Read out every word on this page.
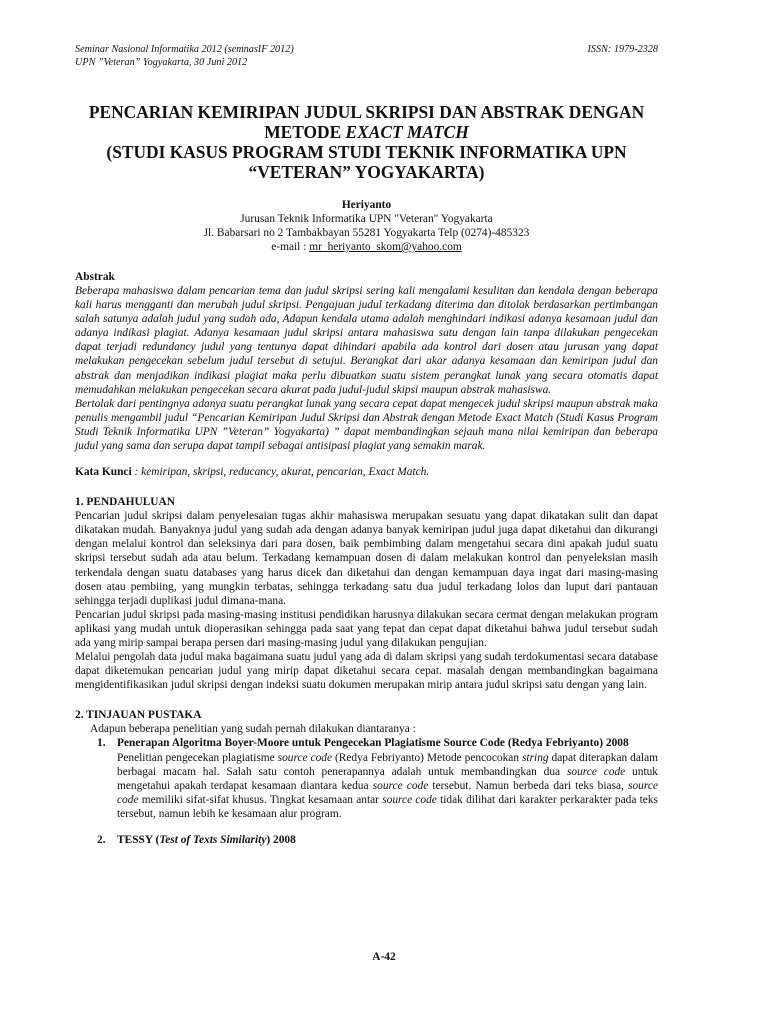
Seminar Nasional Informatika 2012 (semnasIF 2012)
UPN ”Veteran” Yogyakarta, 30 Juni 2012
ISSN: 1979-2328
PENCARIAN KEMIRIPAN JUDUL SKRIPSI DAN ABSTRAK DENGAN
METODE EXACT MATCH
(STUDI KASUS PROGRAM STUDI TEKNIK INFORMATIKA UPN
“VETERAN” YOGYAKARTA)
Heriyanto
Jurusan Teknik Informatika UPN "Veteran" Yogyakarta
Jl. Babarsari no 2 Tambakbayan 55281 Yogyakarta Telp (0274)-485323
e-mail : mr_heriyanto_skom@yahoo.com
Abstrak

Beberapa mahasiswa dalam pencarian tema dan judul skripsi sering kali mengalami kesulitan dan kendala dengan beberapa kali harus mengganti dan merubah judul skripsi. Pengajuan judul terkadang diterima dan ditolak berdasarkan pertimbangan salah satunya adalah judul yang sudah ada, Adapun kendala utama adalah menghindari indikasi adanya kesamaan judul dan adanya indikasi plagiat. Adanya kesamaan judul skripsi antara mahasiswa satu dengan lain tanpa dilakukan pengecekan dapat terjadi redundancy judul yang tentunya dapat dihindari apabila ada kontrol dari dosen atau jurusan yang dapat melakukan pengecekan sebelum judul tersebut di setujui. Berangkat dari akar adanya kesamaan dan kemiripan judul dan abstrak dan menjadikan indikasi plagiat maka perlu dibuatkan suatu sistem perangkat lunak yang secara otomatis dapat memudahkan melakukan pengecekan secara akurat pada judul-judul skipsi maupun abstrak mahasiswa.

Bertolak dari pentingnya adanya suatu perangkat lunak yang secara cepat dapat mengecek judul skripsi maupun abstrak maka penulis mengambil judul “Pencarian Kemiripan Judul Skripsi dan Abstrak dengan Metode Exact Match (Studi Kasus Program Studi Teknik Informatika UPN ”Veteran” Yogyakarta) ” dapat membandingkan sejauh mana nilai kemiripan dan beberapa judul yang sama dan serupa dapat tampil sebagai antisipasi plagiat yang semakin marak.

Kata Kunci : kemiripan, skripsi, reducancy, akurat, pencarian, Exact Match.
1. PENDAHULUAN

Pencarian judul skripsi dalam penyelesaian tugas akhir mahasiswa merupakan sesuatu yang dapat dikatakan sulit dan dapat dikatakan mudah. Banyaknya judul yang sudah ada dengan adanya banyak kemiripan judul juga dapat diketahui dan dikurangi dengan melalui kontrol dan seleksinya dari para dosen, baik pembimbing dalam mengetahui secara dini apakah judul suatu skripsi tersebut sudah ada atau belum. Terkadang kemampuan dosen di dalam melakukan kontrol dan penyeleksian masih terkendala dengan suatu databases yang harus dicek dan diketahui dan dengan kemampuan daya ingat dari masing-masing dosen atau pembiing, yang mungkin terbatas, sehingga terkadang satu dua judul terkadang lolos dan luput dari pantauan sehingga terjadi duplikasi judul dimana-mana.

Pencarian judul skripsi pada masing-masing institusi pendidikan harusnya dilakukan secara cermat dengan melakukan program aplikasi yang mudah untuk dioperasikan sehingga pada saat yang tepat dan cepat dapat diketahui bahwa judul tersebut sudah ada yang mirip sampai berapa persen dari masing-masing judul yang dilakukan pengujian.

Melalui pengolah data judul maka bagaimana suatu judul yang ada di dalam skripsi yang sudah terdokumentasi secara database dapat diketemukan pencarian judul yang mirip dapat diketahui secara cepat. masalah dengan membandingkan bagaimana mengidentifikasikan judul skripsi dengan indeksi suatu dokumen merupakan mirip antara judul skripsi satu dengan yang lain.

2. TINJAUAN PUSTAKA

Adapun beberapa penelitian yang sudah pernah dilakukan diantaranya :

1. Penerapan Algoritma Boyer-Moore untuk Pengecekan Plagiatisme Source Code (Redya Febriyanto) 2008
Penelitian pengecekan plagiatisme source code (Redya Febriyanto) Metode pencocokan string dapat diterapkan dalam berbagai macam hal. Salah satu contoh penerapannya adalah untuk membandingkan dua source code untuk mengetahui apakah terdapat kesamaan diantara kedua source code tersebut. Namun berbeda dari teks biasa, source code memiliki sifat-sifat khusus. Tingkat kesamaan antar source code tidak dilihat dari karakter perkarakter pada teks tersebut, namun lebih ke kesamaan alur program.
2. TESSY (Test of Texts Similarity) 2008
A-42
